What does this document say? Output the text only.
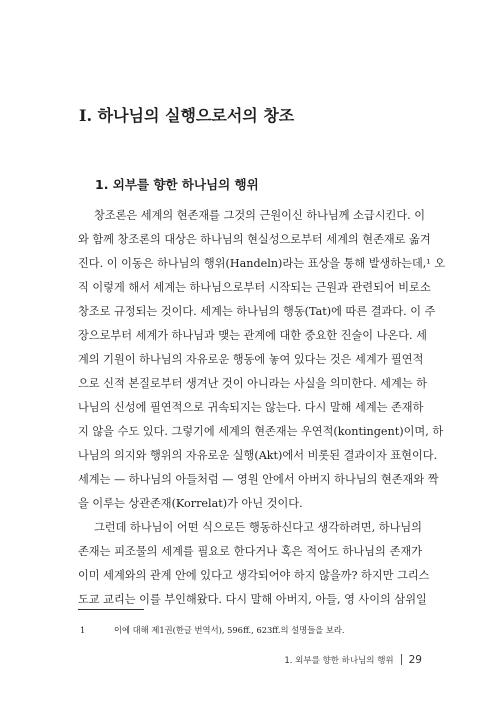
I. 하나님의 실행으로서의 창조
1. 외부를 향한 하나님의 행위
창조론은 세계의 현존재를 그것의 근원이신 하나님께 소급시킨다. 이
와 함께 창조론의 대상은 하나님의 현실성으로부터 세계의 현존재로 옮겨
진다. 이 이동은 하나님의 행위(Handeln)라는 표상을 통해 발생하는데,¹ 오
직 이렇게 해서 세계는 하나님으로부터 시작되는 근원과 관련되어 비로소
창조로 규정되는 것이다. 세계는 하나님의 행동(Tat)에 따른 결과다. 이 주
장으로부터 세계가 하나님과 맺는 관계에 대한 중요한 진술이 나온다. 세
계의 기원이 하나님의 자유로운 행동에 놓여 있다는 것은 세계가 필연적
으로 신적 본질로부터 생겨난 것이 아니라는 사실을 의미한다. 세계는 하
나님의 신성에 필연적으로 귀속되지는 않는다. 다시 말해 세계는 존재하
지 않을 수도 있다. 그렇기에 세계의 현존재는 우연적(kontingent)이며, 하
나님의 의지와 행위의 자유로운 실행(Akt)에서 비롯된 결과이자 표현이다.
세계는 — 하나님의 아들처럼 — 영원 안에서 아버지 하나님의 현존재와 짝
을 이루는 상관존재(Korrelat)가 아닌 것이다.
그런데 하나님이 어떤 식으로든 행동하신다고 생각하려면, 하나님의
존재는 피조물의 세계를 필요로 한다거나 혹은 적어도 하나님의 존재가
이미 세계와의 관계 안에 있다고 생각되어야 하지 않을까? 하지만 그리스
도교 교리는 이를 부인해왔다. 다시 말해 아버지, 아들, 영 사이의 삼위일
1	이에 대해 제1권(한글 번역서), 596ff., 623ff.의 설명들을 보라.
1. 외부를 향한 하나님의 행위 29
